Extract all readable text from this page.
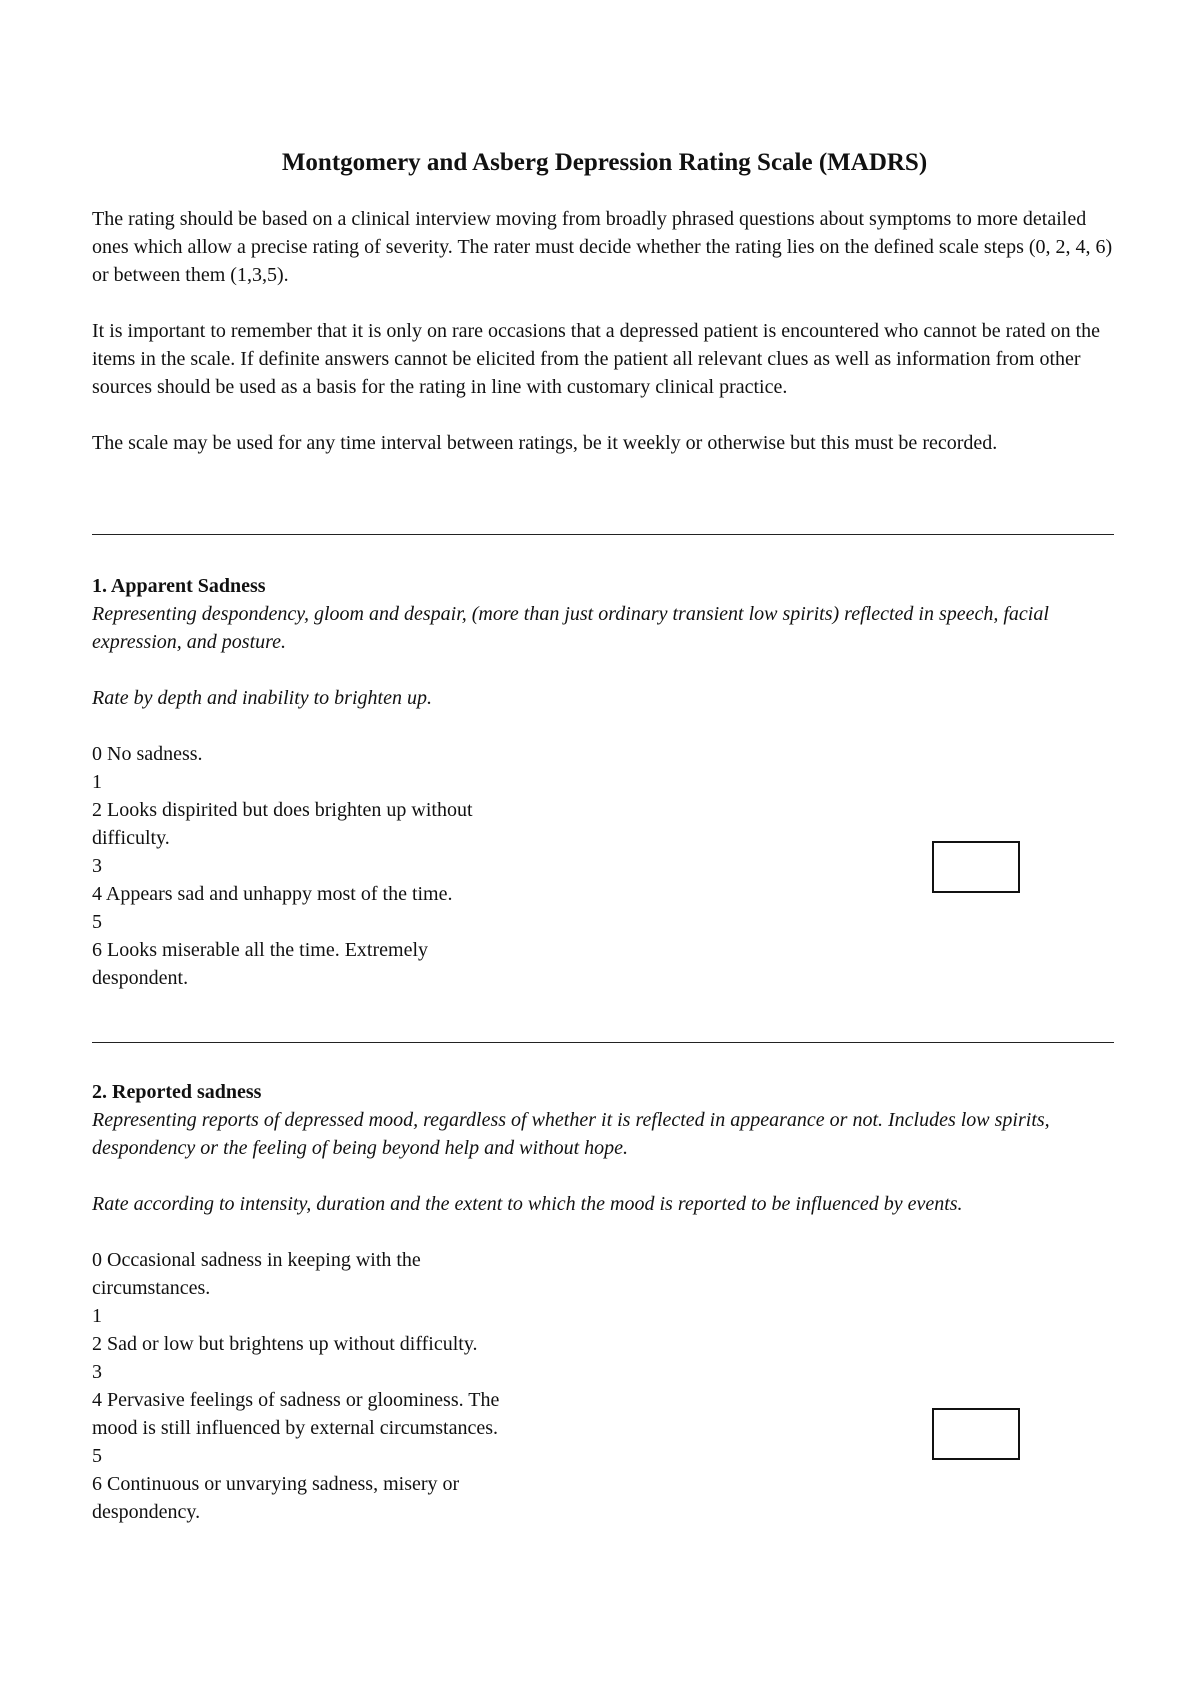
Montgomery and Asberg Depression Rating Scale (MADRS)

The rating should be based on a clinical interview moving from broadly phrased questions about symptoms to more detailed ones which allow a precise rating of severity. The rater must decide whether the rating lies on the defined scale steps (0, 2, 4, 6) or between them (1,3,5).

It is important to remember that it is only on rare occasions that a depressed patient is encountered who cannot be rated on the items in the scale. If definite answers cannot be elicited from the patient all relevant clues as well as information from other sources should be used as a basis for the rating in line with customary clinical practice.

The scale may be used for any time interval between ratings, be it weekly or otherwise but this must be recorded.

1. Apparent Sadness

Representing despondency, gloom and despair, (more than just ordinary transient low spirits) reflected in speech, facial expression, and posture.

Rate by depth and inability to brighten up.

0 No sadness.
1
2 Looks dispirited but does brighten up without difficulty.
3
4 Appears sad and unhappy most of the time.
5
6 Looks miserable all the time. Extremely despondent.

2. Reported sadness

Representing reports of depressed mood, regardless of whether it is reflected in appearance or not. Includes low spirits, despondency or the feeling of being beyond help and without hope.

Rate according to intensity, duration and the extent to which the mood is reported to be influenced by events.

0 Occasional sadness in keeping with the circumstances.
1
2 Sad or low but brightens up without difficulty.
3
4 Pervasive feelings of sadness or gloominess. The mood is still influenced by external circumstances.
5
6 Continuous or unvarying sadness, misery or despondency.
